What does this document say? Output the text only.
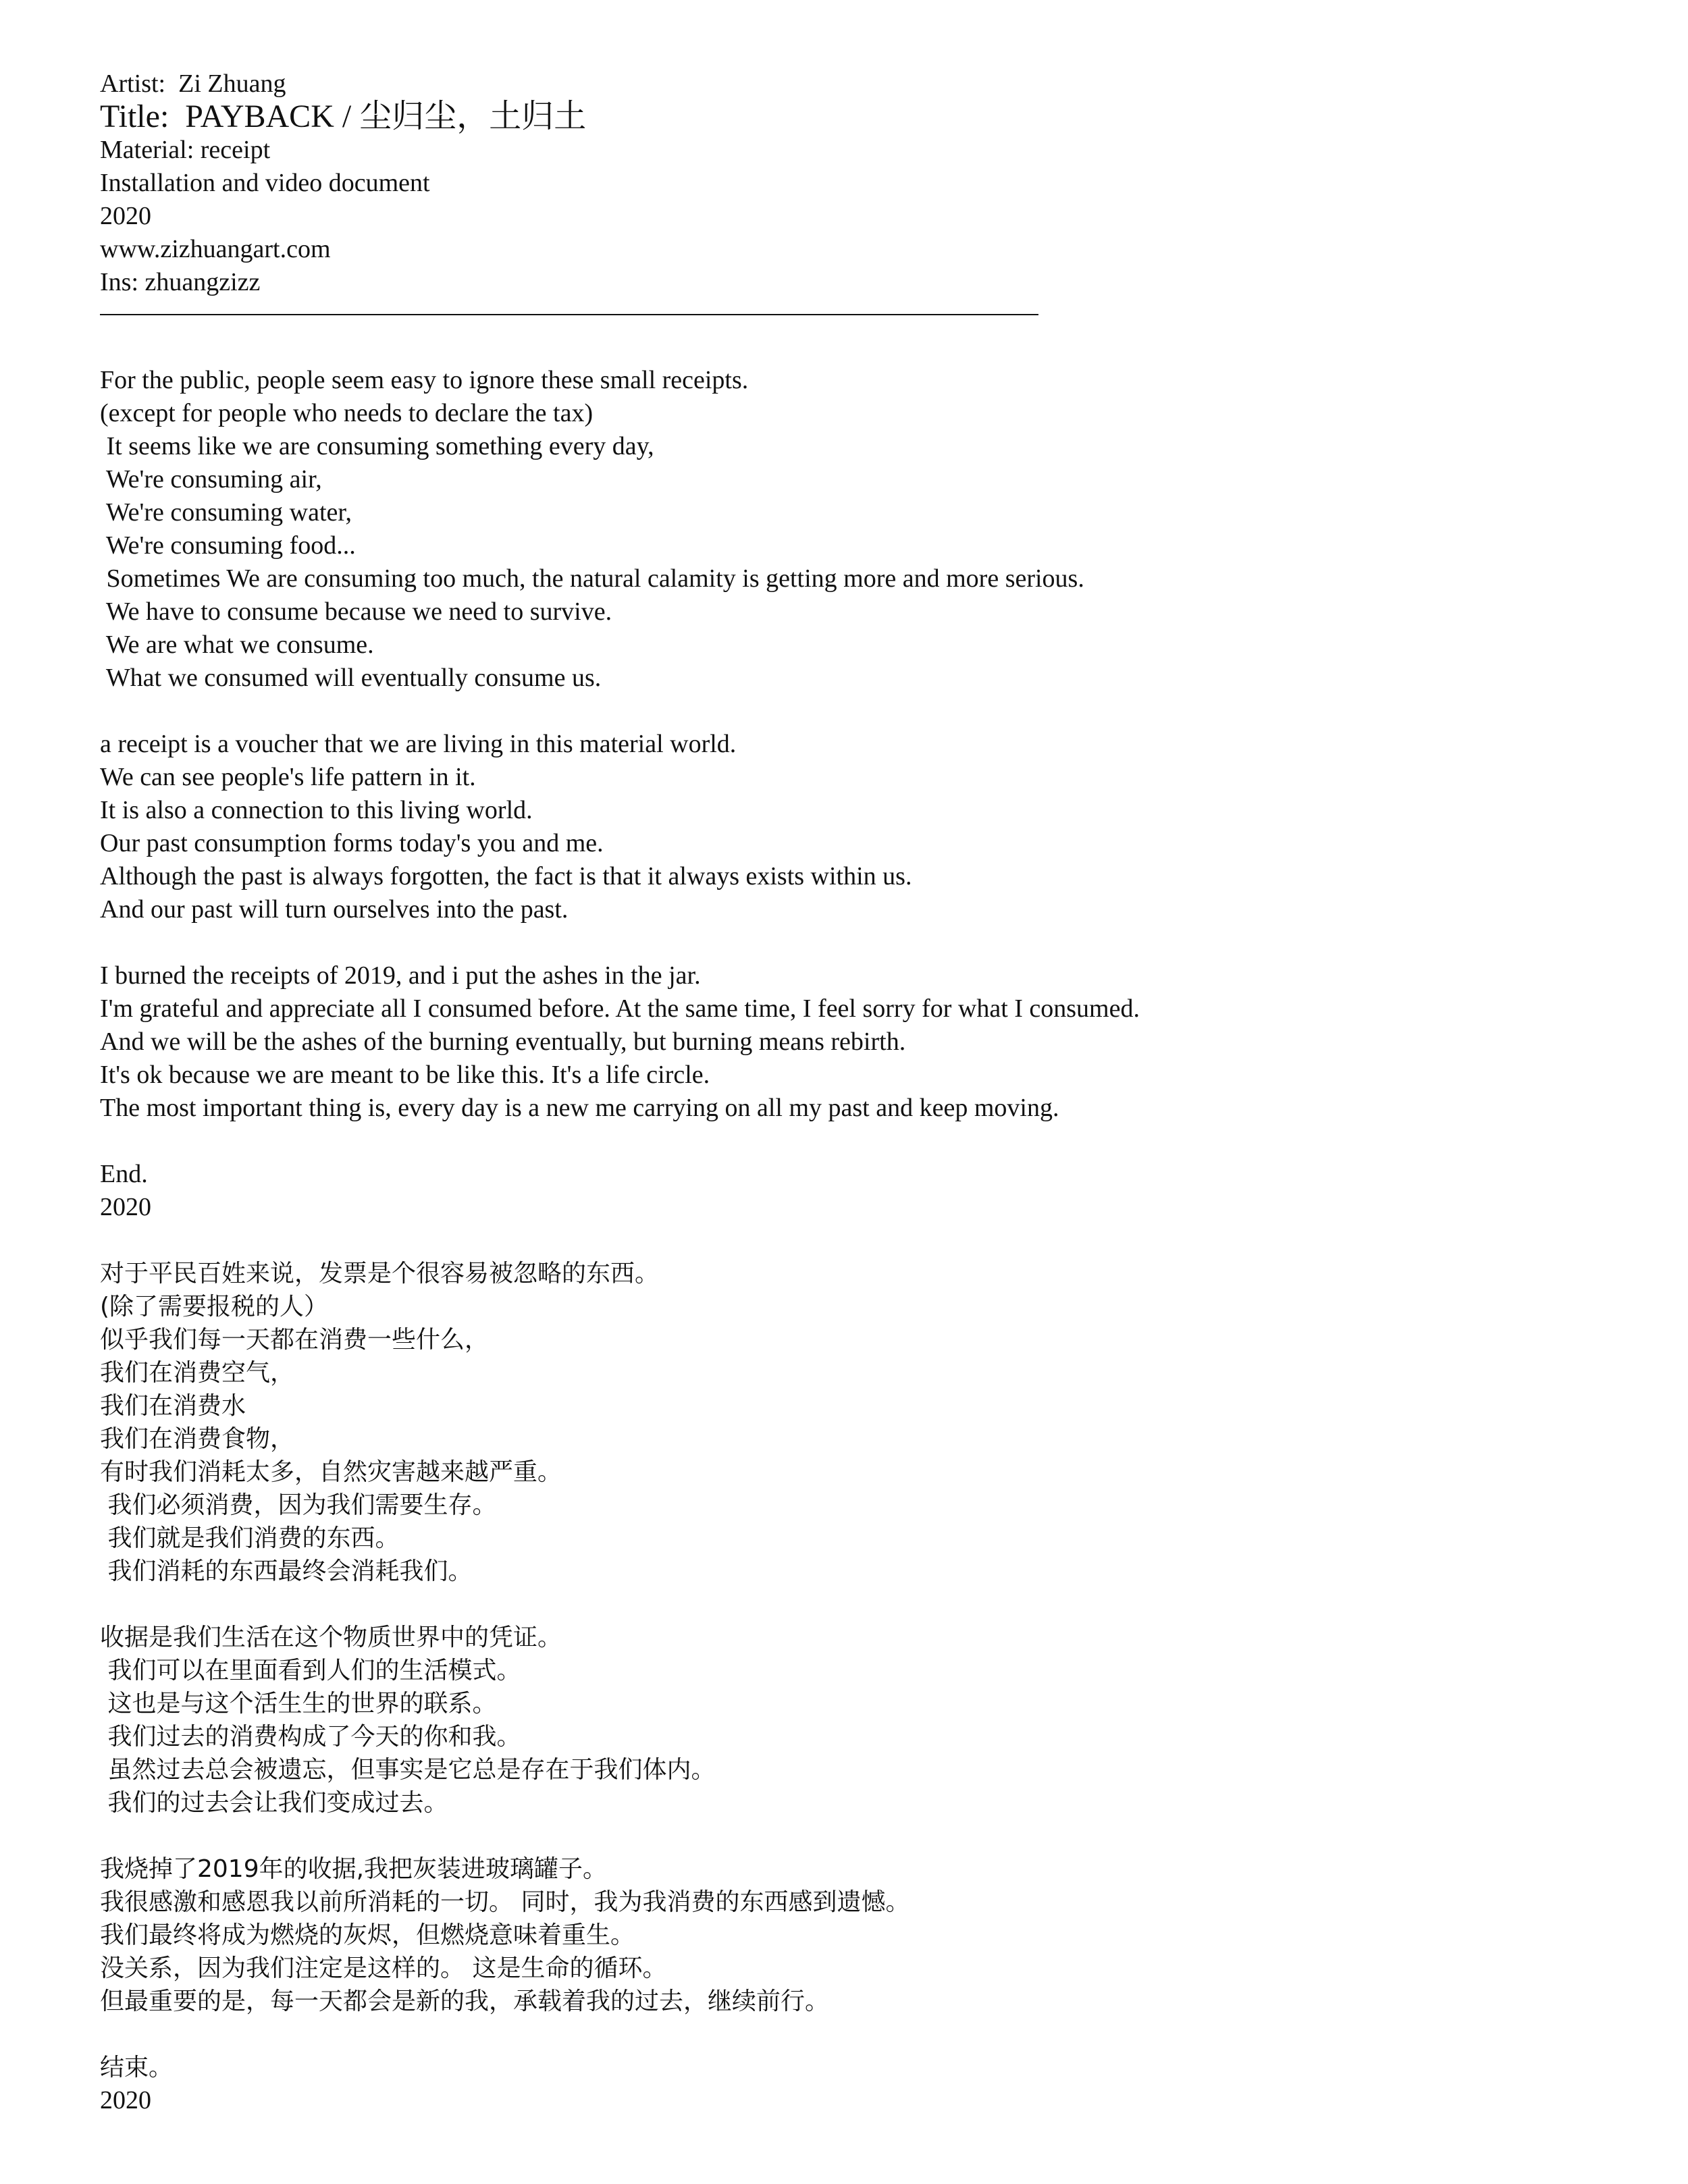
Artist:  Zi Zhuang
Title:  PAYBACK / 尘归尘，土归土
Material: receipt
Installation and video document
2020
www.zizhuangart.com
Ins: zhuangzizz
For the public, people seem easy to ignore these small receipts.
(except for people who needs to declare the tax)
It seems like we are consuming something every day,
We're consuming air,
We're consuming water,
We're consuming food...
Sometimes We are consuming too much, the natural calamity is getting more and more serious.
We have to consume because we need to survive.
We are what we consume.
What we consumed will eventually consume us.
a receipt is a voucher that we are living in this material world.
We can see people's life pattern in it.
It is also a connection to this living world.
Our past consumption forms today's you and me.
Although the past is always forgotten, the fact is that it always exists within us.
And our past will turn ourselves into the past.
I burned the receipts of 2019, and i put the ashes in the jar.
I'm grateful and appreciate all I consumed before. At the same time, I feel sorry for what I consumed.
And we will be the ashes of the burning eventually, but burning means rebirth.
It's ok because we are meant to be like this. It's a life circle.
The most important thing is, every day is a new me carrying on all my past and keep moving.
End.
2020
对于平民百姓来说，发票是个很容易被忽略的东西。
(除了需要报税的人）
似乎我们每一天都在消费一些什么，
我们在消费空气，
我们在消费水
我们在消费食物，
有时我们消耗太多，自然灾害越来越严重。
我们必须消费，因为我们需要生存。
我们就是我们消费的东西。
我们消耗的东西最终会消耗我们。
收据是我们生活在这个物质世界中的凭证。
我们可以在里面看到人们的生活模式。
这也是与这个活生生的世界的联系。
我们过去的消费构成了今天的你和我。
虽然过去总会被遗忘，但事实是它总是存在于我们体内。
我们的过去会让我们变成过去。
我烧掉了2019年的收据,我把灰装进玻璃罐子。
我很感激和感恩我以前所消耗的一切。 同时，我为我消费的东西感到遗憾。
我们最终将成为燃烧的灰烬，但燃烧意味着重生。
没关系，因为我们注定是这样的。 这是生命的循环。
但最重要的是，每一天都会是新的我，承载着我的过去，继续前行。
结束。
2020
